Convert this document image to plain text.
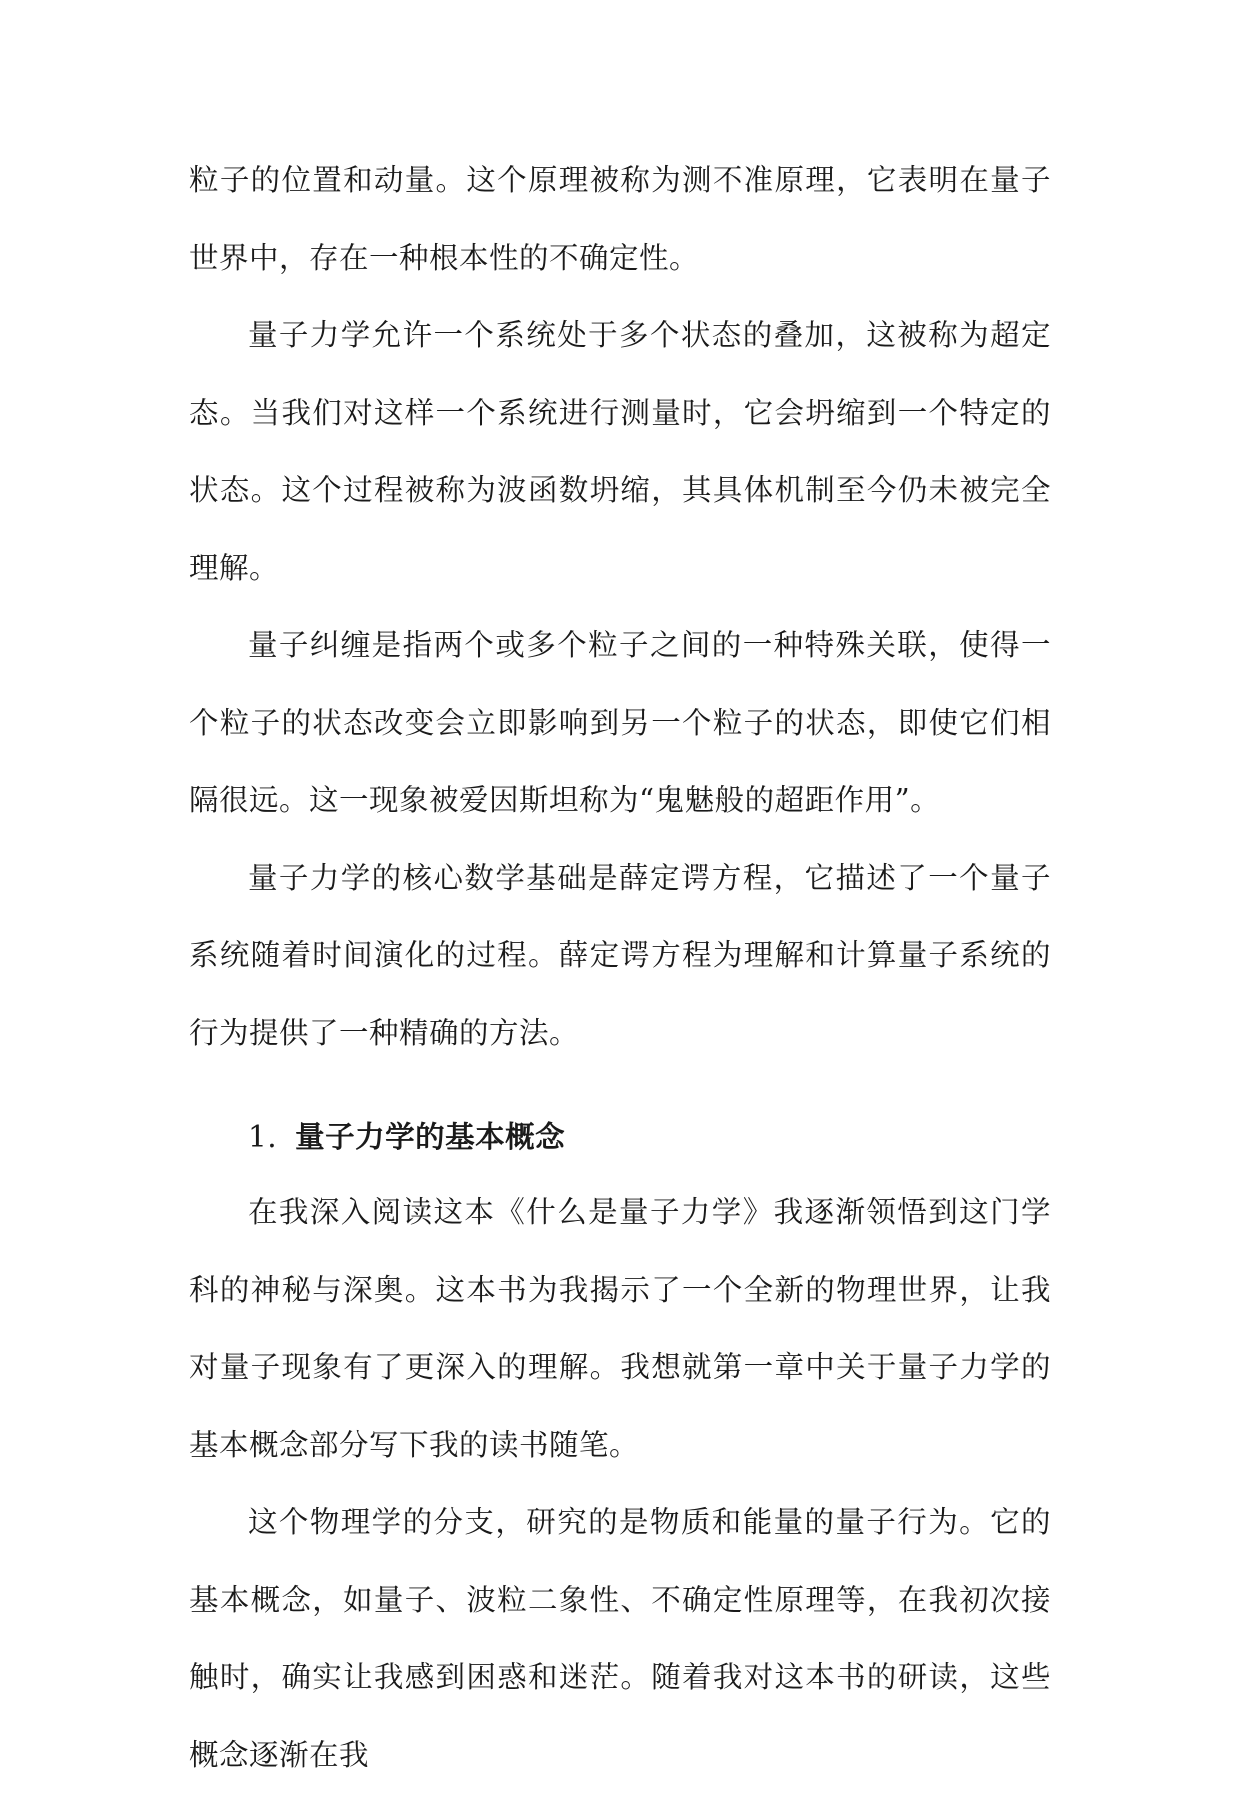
粒子的位置和动量。这个原理被称为测不准原理，它表明在量子世界中，存在一种根本性的不确定性。

量子力学允许一个系统处于多个状态的叠加，这被称为超定态。当我们对这样一个系统进行测量时，它会坍缩到一个特定的状态。这个过程被称为波函数坍缩，其具体机制至今仍未被完全理解。

量子纠缠是指两个或多个粒子之间的一种特殊关联，使得一个粒子的状态改变会立即影响到另一个粒子的状态，即使它们相隔很远。这一现象被爱因斯坦称为“鬼魅般的超距作用”。

量子力学的核心数学基础是薛定谔方程，它描述了一个量子系统随着时间演化的过程。薛定谔方程为理解和计算量子系统的行为提供了一种精确的方法。

1. 量子力学的基本概念

在我深入阅读这本《什么是量子力学》我逐渐领悟到这门学科的神秘与深奥。这本书为我揭示了一个全新的物理世界，让我对量子现象有了更深入的理解。我想就第一章中关于量子力学的基本概念部分写下我的读书随笔。

这个物理学的分支，研究的是物质和能量的量子行为。它的基本概念，如量子、波粒二象性、不确定性原理等，在我初次接触时，确实让我感到困惑和迷茫。随着我对这本书的研读，这些概念逐渐在我
